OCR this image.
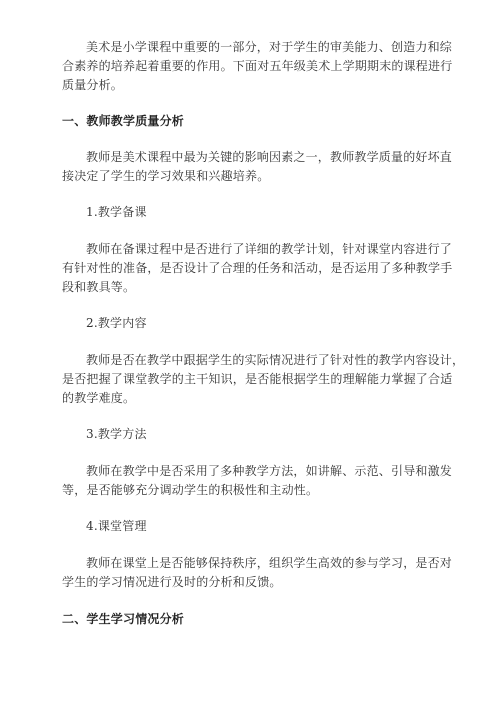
美术是小学课程中重要的一部分，对于学生的审美能力、创造力和综
合素养的培养起着重要的作用。下面对五年级美术上学期期末的课程进行
质量分析。
一、教师教学质量分析
教师是美术课程中最为关键的影响因素之一，教师教学质量的好坏直
接决定了学生的学习效果和兴趣培养。
1.教学备课
教师在备课过程中是否进行了详细的教学计划，针对课堂内容进行了
有针对性的准备，是否设计了合理的任务和活动，是否运用了多种教学手
段和教具等。
2.教学内容
教师是否在教学中跟据学生的实际情况进行了针对性的教学内容设计，
是否把握了课堂教学的主干知识，是否能根据学生的理解能力掌握了合适
的教学难度。
3.教学方法
教师在教学中是否采用了多种教学方法，如讲解、示范、引导和激发
等，是否能够充分调动学生的积极性和主动性。
4.课堂管理
教师在课堂上是否能够保持秩序，组织学生高效的参与学习，是否对
学生的学习情况进行及时的分析和反馈。
二、学生学习情况分析
